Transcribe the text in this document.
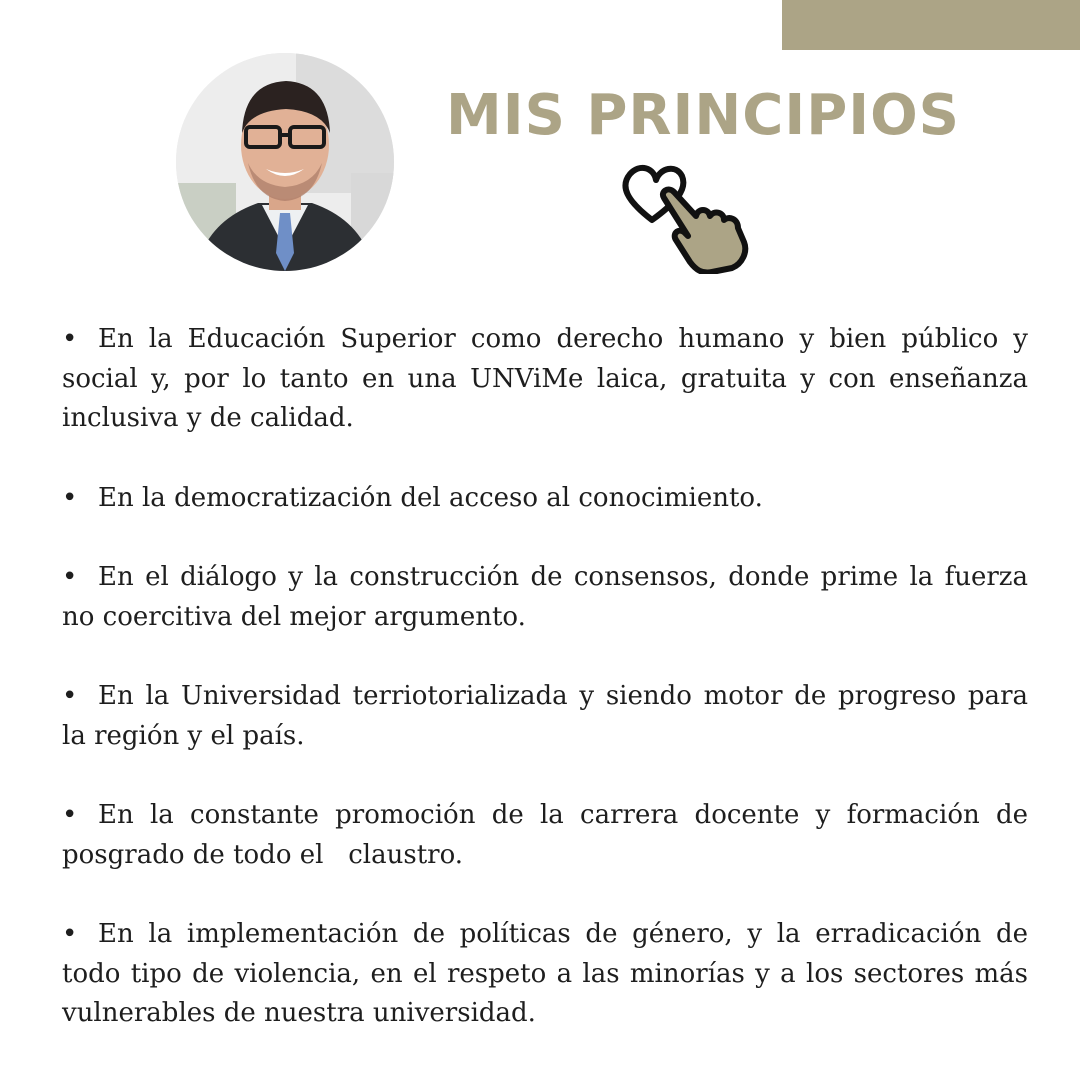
MIS PRINCIPIOS
• En la Educación Superior como derecho humano y bien público y social y, por lo tanto en una UNViMe laica, gratuita y con enseñanza inclusiva y de calidad.
• En la democratización del acceso al conocimiento.
• En el diálogo y la construcción de consensos, donde prime la fuerza no coercitiva del mejor argumento.
• En la Universidad terriotorializada y siendo motor de progreso para la región y el país.
• En la constante promoción de la carrera docente y formación de posgrado de todo el   claustro.
• En la implementación de políticas de género, y la erradicación de todo tipo de violencia, en el respeto a las minorías y a los sectores más vulnerables de nuestra universidad.
